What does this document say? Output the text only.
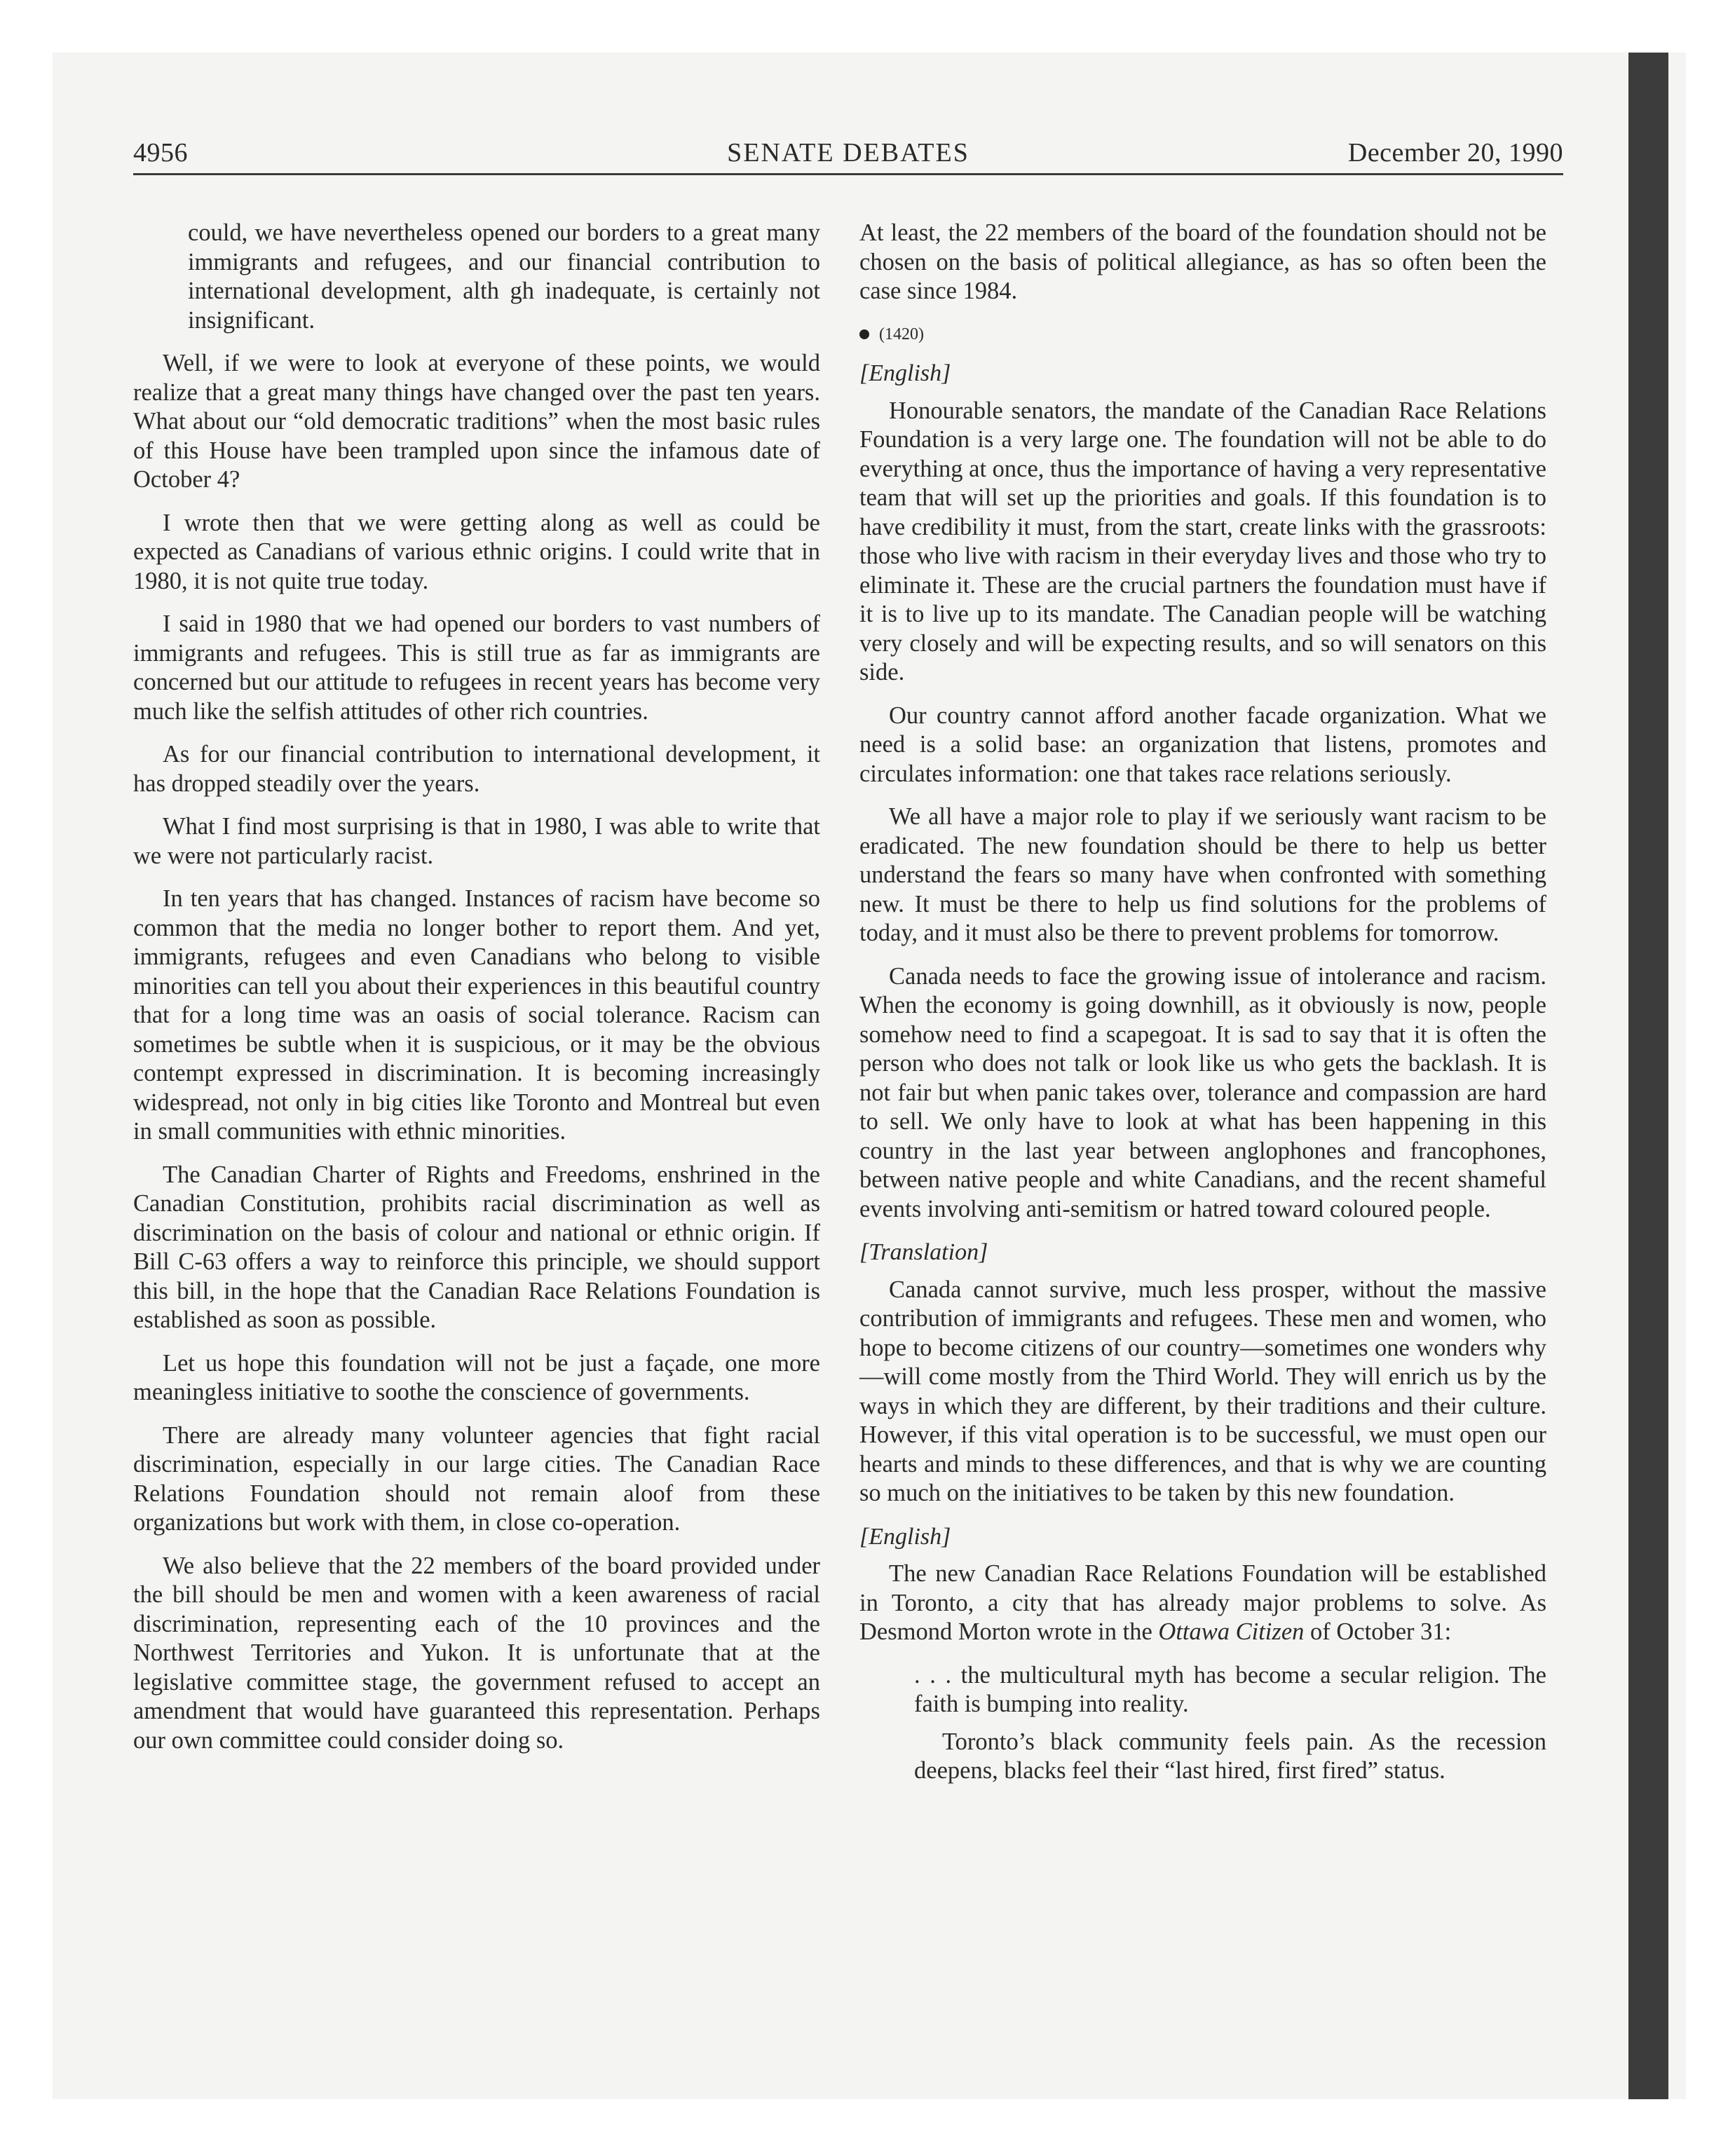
4956	SENATE DEBATES	December 20, 1990

could, we have nevertheless opened our borders to a great many immigrants and refugees, and our financial contribution to international development, alth gh inadequate, is certainly not insignificant.

Well, if we were to look at everyone of these points, we would realize that a great many things have changed over the past ten years. What about our “old democratic traditions” when the most basic rules of this House have been trampled upon since the infamous date of October 4?

I wrote then that we were getting along as well as could be expected as Canadians of various ethnic origins. I could write that in 1980, it is not quite true today.

I said in 1980 that we had opened our borders to vast numbers of immigrants and refugees. This is still true as far as immigrants are concerned but our attitude to refugees in recent years has become very much like the selfish attitudes of other rich countries.

As for our financial contribution to international development, it has dropped steadily over the years.

What I find most surprising is that in 1980, I was able to write that we were not particularly racist.

In ten years that has changed. Instances of racism have become so common that the media no longer bother to report them. And yet, immigrants, refugees and even Canadians who belong to visible minorities can tell you about their experiences in this beautiful country that for a long time was an oasis of social tolerance. Racism can sometimes be subtle when it is suspicious, or it may be the obvious contempt expressed in discrimination. It is becoming increasingly widespread, not only in big cities like Toronto and Montreal but even in small communities with ethnic minorities.

The Canadian Charter of Rights and Freedoms, enshrined in the Canadian Constitution, prohibits racial discrimination as well as discrimination on the basis of colour and national or ethnic origin. If Bill C-63 offers a way to reinforce this principle, we should support this bill, in the hope that the Canadian Race Relations Foundation is established as soon as possible.

Let us hope this foundation will not be just a façade, one more meaningless initiative to soothe the conscience of governments.

There are already many volunteer agencies that fight racial discrimination, especially in our large cities. The Canadian Race Relations Foundation should not remain aloof from these organizations but work with them, in close co-operation.

We also believe that the 22 members of the board provided under the bill should be men and women with a keen awareness of racial discrimination, representing each of the 10 provinces and the Northwest Territories and Yukon. It is unfortunate that at the legislative committee stage, the government refused to accept an amendment that would have guaranteed this representation. Perhaps our own committee could consider doing so.

At least, the 22 members of the board of the foundation should not be chosen on the basis of political allegiance, as has so often been the case since 1984.

(1420)
[English]

Honourable senators, the mandate of the Canadian Race Relations Foundation is a very large one. The foundation will not be able to do everything at once, thus the importance of having a very representative team that will set up the priorities and goals. If this foundation is to have credibility it must, from the start, create links with the grassroots: those who live with racism in their everyday lives and those who try to eliminate it. These are the crucial partners the foundation must have if it is to live up to its mandate. The Canadian people will be watching very closely and will be expecting results, and so will senators on this side.

Our country cannot afford another facade organization. What we need is a solid base: an organization that listens, promotes and circulates information: one that takes race relations seriously.

We all have a major role to play if we seriously want racism to be eradicated. The new foundation should be there to help us better understand the fears so many have when confronted with something new. It must be there to help us find solutions for the problems of today, and it must also be there to prevent problems for tomorrow.

Canada needs to face the growing issue of intolerance and racism. When the economy is going downhill, as it obviously is now, people somehow need to find a scapegoat. It is sad to say that it is often the person who does not talk or look like us who gets the backlash. It is not fair but when panic takes over, tolerance and compassion are hard to sell. We only have to look at what has been happening in this country in the last year between anglophones and francophones, between native people and white Canadians, and the recent shameful events involving anti-semitism or hatred toward coloured people.

[Translation]

Canada cannot survive, much less prosper, without the massive contribution of immigrants and refugees. These men and women, who hope to become citizens of our country—sometimes one wonders why—will come mostly from the Third World. They will enrich us by the ways in which they are different, by their traditions and their culture. However, if this vital operation is to be successful, we must open our hearts and minds to these differences, and that is why we are counting so much on the initiatives to be taken by this new foundation.

[English]

The new Canadian Race Relations Foundation will be established in Toronto, a city that has already major problems to solve. As Desmond Morton wrote in the Ottawa Citizen of October 31:

. . . the multicultural myth has become a secular religion. The faith is bumping into reality.

Toronto’s black community feels pain. As the recession deepens, blacks feel their “last hired, first fired” status.
